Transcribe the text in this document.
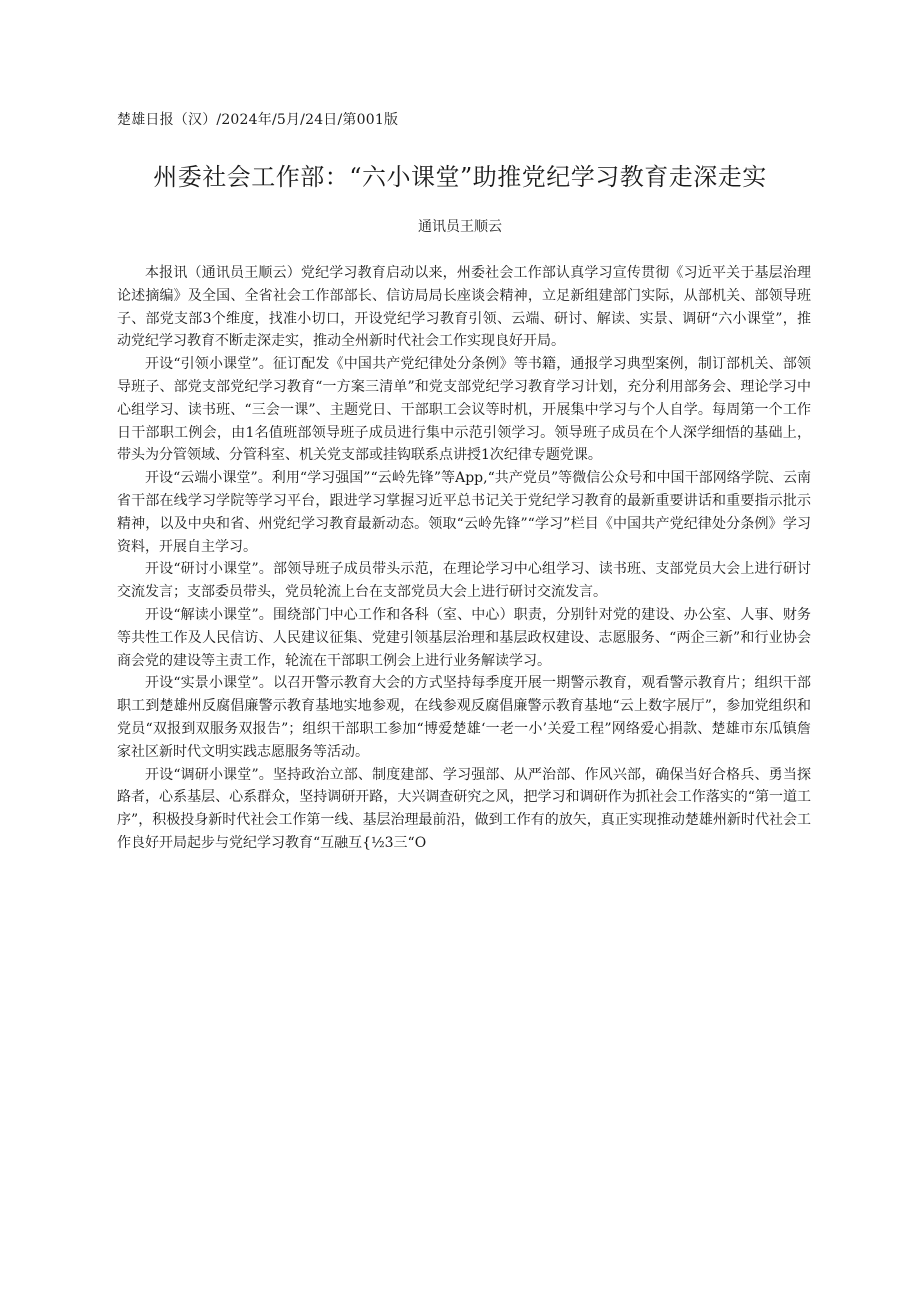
楚雄日报（汉）/2024年/5月/24日/第001版
州委社会工作部：“六小课堂”助推党纪学习教育走深走实
通讯员王顺云

本报讯（通讯员王顺云）党纪学习教育启动以来，州委社会工作部认真学习宣传贯彻《习近平关于基层治理论述摘编》及全国、全省社会工作部部长、信访局局长座谈会精神，立足新组建部门实际，从部机关、部领导班子、部党支部3个维度，找准小切口，开设党纪学习教育引领、云端、研讨、解读、实景、调研“六小课堂”，推动党纪学习教育不断走深走实，推动全州新时代社会工作实现良好开局。

开设“引领小课堂”。征订配发《中国共产党纪律处分条例》等书籍，通报学习典型案例，制订部机关、部领导班子、部党支部党纪学习教育“一方案三清单”和党支部党纪学习教育学习计划，充分利用部务会、理论学习中心组学习、读书班、“三会一课”、主题党日、干部职工会议等时机，开展集中学习与个人自学。每周第一个工作日干部职工例会，由1名值班部领导班子成员进行集中示范引领学习。领导班子成员在个人深学细悟的基础上，带头为分管领域、分管科室、机关党支部或挂钩联系点讲授1次纪律专题党课。

开设“云端小课堂”。利用“学习强国”“云岭先锋”等App,“共产党员”等微信公众号和中国干部网络学院、云南省干部在线学习学院等学习平台，跟进学习掌握习近平总书记关于党纪学习教育的最新重要讲话和重要指示批示精神，以及中央和省、州党纪学习教育最新动态。领取“云岭先锋”“学习”栏目《中国共产党纪律处分条例》学习资料，开展自主学习。

开设“研讨小课堂”。部领导班子成员带头示范，在理论学习中心组学习、读书班、支部党员大会上进行研讨交流发言；支部委员带头，党员轮流上台在支部党员大会上进行研讨交流发言。

开设“解读小课堂”。围绕部门中心工作和各科（室、中心）职责，分别针对党的建设、办公室、人事、财务等共性工作及人民信访、人民建议征集、党建引领基层治理和基层政权建设、志愿服务、“两企三新”和行业协会商会党的建设等主责工作，轮流在干部职工例会上进行业务解读学习。

开设“实景小课堂”。以召开警示教育大会的方式坚持每季度开展一期警示教育，观看警示教育片；组织干部职工到楚雄州反腐倡廉警示教育基地实地参观，在线参观反腐倡廉警示教育基地“云上数字展厅”，参加党组织和党员“双报到双服务双报告”；组织干部职工参加“博爱楚雄‘一老一小’关爱工程”网络爱心捐款、楚雄市东瓜镇詹家社区新时代文明实践志愿服务等活动。

开设“调研小课堂”。坚持政治立部、制度建部、学习强部、从严治部、作风兴部，确保当好合格兵、勇当探路者，心系基层、心系群众，坚持调研开路，大兴调查研究之风，把学习和调研作为抓社会工作落实的“第一道工序”，积极投身新时代社会工作第一线、基层治理最前沿，做到工作有的放矢，真正实现推动楚雄州新时代社会工作良好开局起步与党纪学习教育“互融互{½3三“O
